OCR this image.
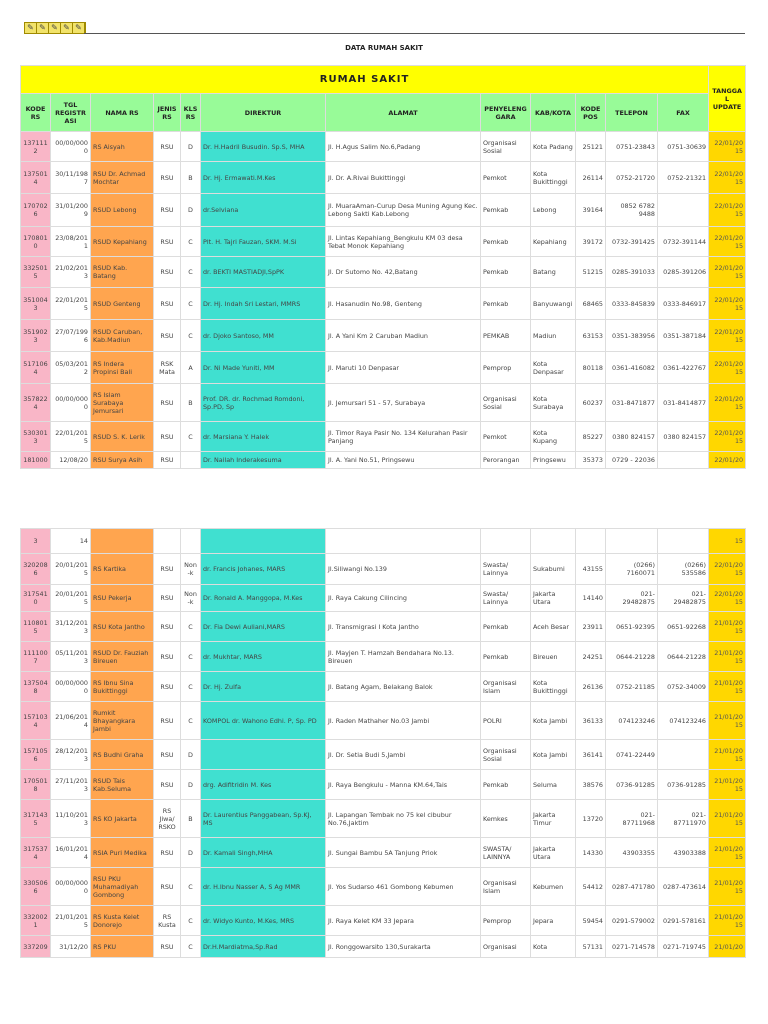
✎ ✎ ✎ ✎ ✎
DATA RUMAH SAKIT
RUMAH SAKIT												TANGGAL UPDATE
KODE RS	TGL REGISTRASI	NAMA RS	JENIS RS	KLS RS	DIREKTUR	ALAMAT	PENYELENGGARA	KAB/KOTA	KODE POS	TELEPON	FAX	
1371112	00/00/0000	RS Aisyah	RSU	D	Dr. H.Hadril Busudin. Sp.S, MHA	Jl. H.Agus Salim No.6,Padang	Organisasi Sosial	Kota Padang	25121	0751-23843	0751-30639	22/01/2015
1375014	30/11/1987	RSU Dr. Achmad Mochtar	RSU	B	Dr. Hj. Ermawati.M.Kes	Jl. Dr. A.Rivai Bukittinggi	Pemkot	Kota Bukittinggi	26114	0752-21720	0752-21321	22/01/2015
1707026	31/01/2009	RSUD Lebong	RSU	D	dr.Selviana	Jl. MuaraAman-Curup Desa Muning Agung Kec. Lebong Sakti Kab.Lebong	Pemkab	Lebong	39164	0852 6782 9488		22/01/2015
1708010	23/08/2011	RSUD Kepahiang	RSU	C	Plt. H. Tajri Fauzan, SKM. M.Si	Jl. Lintas Kepahiang_Bengkulu KM 03 desa Tebat Monok Kepahiang	Pemkab	Kepahiang	39172	0732-391425	0732-391144	22/01/2015
3325015	21/02/2013	RSUD Kab. Batang	RSU	C	dr. BEKTI MASTIADJI,SpPK	Jl. Dr Sutomo No. 42,Batang	Pemkab	Batang	51215	0285-391033	0285-391206	22/01/2015
3510043	22/01/2015	RSUD Genteng	RSU	C	Dr. Hj. Indah Sri Lestari, MMRS	Jl. Hasanudin No.98, Genteng	Pemkab	Banyuwangi	68465	0333-845839	0333-846917	22/01/2015
3519023	27/07/1996	RSUD Caruban, Kab.Madiun	RSU	C	dr. Djoko Santoso, MM	Jl. A Yani Km 2 Caruban Madiun	PEMKAB	Madiun	63153	0351-383956	0351-387184	22/01/2015
5171064	05/03/2012	RS Indera Propinsi Bali	RSK Mata	A	Dr. Ni Made Yuniti, MM	Jl. Maruti 10 Denpasar	Pemprop	Kota Denpasar	80118	0361-416082	0361-422767	22/01/2015
3578224	00/00/0000	RS Islam Surabaya Jemursari	RSU	B	Prof. DR. dr. Rochmad Romdoni, Sp.PD, Sp	Jl. Jemursari 51 - 57, Surabaya	Organisasi Sosial	Kota Surabaya	60237	031-8471877	031-8414877	22/01/2015
5303013	22/01/2015	RSUD S. K. Lerik	RSU	C	dr. Marsiana Y. Halek	Jl. Timor Raya Pasir No. 134 Kelurahan Pasir Panjang	Pemkot	Kota Kupang	85227	0380 824157	0380 824157	22/01/2015
181000	12/08/20	RSU Surya Asih	RSU		Dr. Nailah Inderakesuma	Jl. A. Yani No.51, Pringsewu	Perorangan	Pringsewu	35373	0729 - 22036		22/01/20
3	14											15
3202086	20/01/2015	RS Kartika	RSU	Non-k	dr. Francis Johanes, MARS	Jl.Siliwangi No.139	Swasta/ Lainnya	Sukabumi	43155	(0266) 7160071	(0266) 535586	22/01/2015
3175410	20/01/2015	RSU Pekerja	RSU	Non-k	Dr. Ronald A. Manggopa, M.Kes	Jl. Raya Cakung Cilincing	Swasta/ Lainnya	Jakarta Utara	14140	021-29482875	021-29482875	22/01/2015
1108015	31/12/2013	RSU Kota Jantho	RSU	C	Dr. Fia Dewi Auliani,MARS	Jl. Transmigrasi I Kota Jantho	Pemkab	Aceh Besar	23911	0651-92395	0651-92268	21/01/2015
1111007	05/11/2013	RSUD Dr. Fauziah Bireuen	RSU	C	dr. Mukhtar, MARS	Jl. Mayjen T. Hamzah Bendahara No.13. Bireuen	Pemkab	Bireuen	24251	0644-21228	0644-21228	21/01/2015
1375048	00/00/0000	RS Ibnu Sina Bukittinggi	RSU	C	Dr. Hj. Zulfa	Jl. Batang Agam, Belakang Balok	Organisasi Islam	Kota Bukittinggi	26136	0752-21185	0752-34009	21/01/2015
1571034	21/06/2014	Rumkit Bhayangkara Jambi	RSU	C	KOMPOL dr. Wahono Edhi. P, Sp. PD	Jl. Raden Mathaher No.03 Jambi	POLRI	Kota Jambi	36133	074123246	074123246	21/01/2015
1571056	28/12/2013	RS Budhi Graha	RSU	D		Jl. Dr. Setia Budi 5,Jambi	Organisasi Sosial	Kota Jambi	36141	0741-22449		21/01/2015
1705018	27/11/2013	RSUD Tais Kab.Seluma	RSU	D	drg. Adifitridin M. Kes	Jl. Raya Bengkulu - Manna KM.64,Tais	Pemkab	Seluma	38576	0736-91285	0736-91285	21/01/2015
3171435	11/10/2013	RS KO Jakarta	RS Jiwa/ RSKO	B	Dr. Laurentius Panggabean, Sp.KJ, MS	Jl. Lapangan Tembak no 75 kel cibubur No.76,Jaktim	Kemkes	Jakarta Timur	13720	021-87711968	021-87711970	21/01/2015
3175374	16/01/2014	RSIA Puri Medika	RSU	D	Dr. Kamali Singh,MHA	Jl. Sungai Bambu 5A Tanjung Priok	SWASTA/ LAINNYA	Jakarta Utara	14330	43903355	43903388	21/01/2015
3305066	00/00/0000	RSU PKU Muhamadiyah Gombong	RSU	C	dr. H.Ibnu Nasser A, S Ag MMR	Jl. Yos Sudarso 461 Gombong Kebumen	Organisasi Islam	Kebumen	54412	0287-471780	0287-473614	21/01/2015
3320021	21/01/2015	RS Kusta Kelet Donorejo	RS Kusta	C	dr. Widyo Kunto, M.Kes, MRS	Jl. Raya Kelet KM 33 Jepara	Pemprop	Jepara	59454	0291-579002	0291-578161	21/01/2015
337209	31/12/20	RS PKU	RSU	C	Dr.H.Mardiatma,Sp.Rad	Jl. Ronggowarsito 130,Surakarta	Organisasi	Kota	57131	0271-714578	0271-719745	21/01/20
